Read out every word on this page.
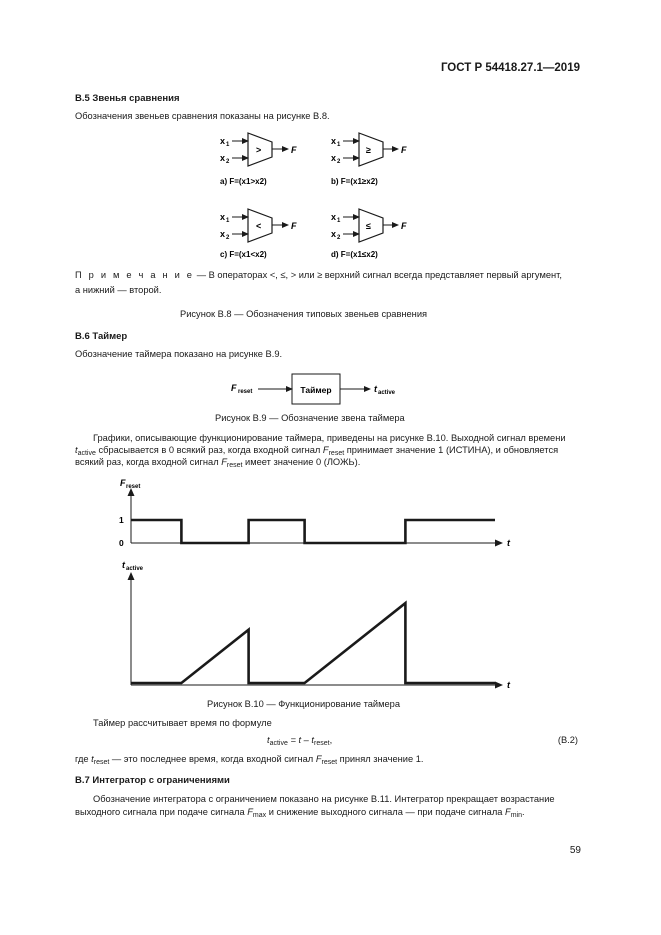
ГОСТ Р 54418.27.1—2019
В.5 Звенья сравнения
Обозначения звеньев сравнения показаны на рисунке В.8.
x 1
x 2
>	F
а) F=(x1>x2)
x 1
x 2
≥	F
b) F=(x1≥x2)
x 1
x 2
<	F
c) F=(x1<x2)
x 1
x 2
≤	F
d) F=(x1≤x2)
П р и м е ч а н и е — В операторах <, ≤, > или ≥ верхний сигнал всегда представляет первый аргумент,
а нижний — второй.
Рисунок В.8 — Обозначения типовых звеньев сравнения
В.6 Таймер
Обозначение таймера показано на рисунке В.9.
F reset	Таймер	t active
Рисунок В.9 — Обозначение звена таймера
Графики, описывающие функционирование таймера, приведены на рисунке В.10. Выходной сигнал времени
$t_{active}$ сбрасывается в 0 всякий раз, когда входной сигнал $F_{reset}$ принимает значение 1 (ИСТИНА), и обновляется
всякий раз, когда входной сигнал $F_{reset}$ имеет значение 0 (ЛОЖЬ).
F reset
1
0	t
t active
t
Рисунок В.10 — Функционирование таймера
Таймер рассчитывает время по формуле
$t_{active} = t - t_{reset}$,	(В.2)
где $t_{reset}$ — это последнее время, когда входной сигнал $F_{reset}$ принял значение 1.
В.7 Интегратор с ограничениями
Обозначение интегратора с ограничением показано на рисунке В.11. Интегратор прекращает возрастание
выходного сигнала при подаче сигнала $F_{max}$ и снижение выходного сигнала — при подаче сигнала $F_{min}$.
59
